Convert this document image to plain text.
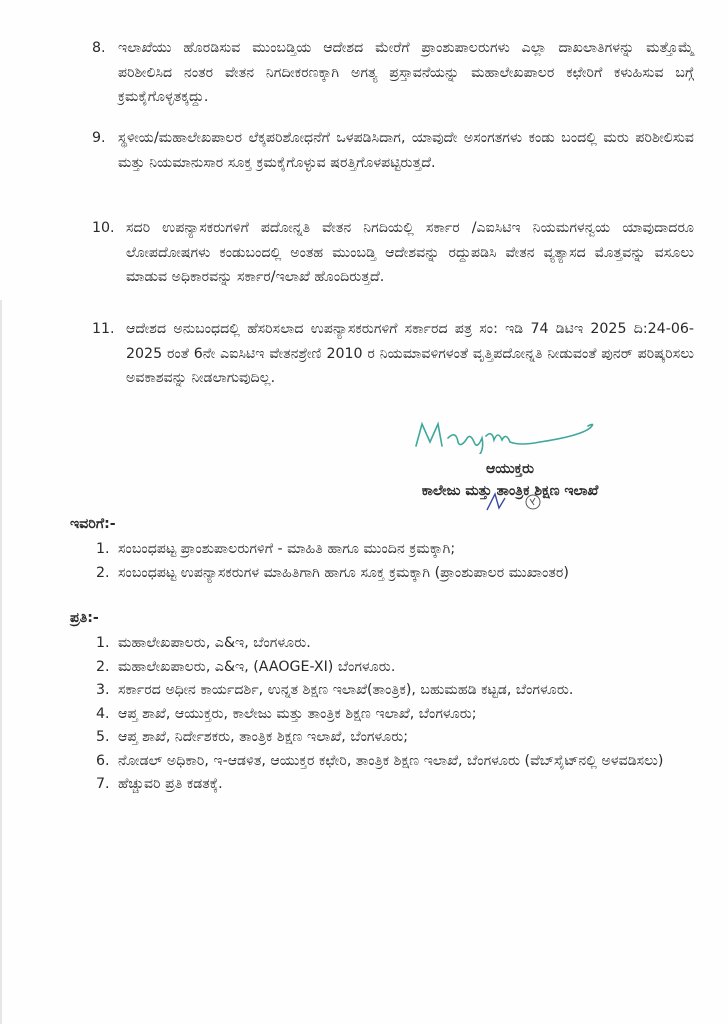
8. ಇಲಾಖೆಯು ಹೊರಡಿಸುವ ಮುಂಬಡ್ತಿಯ ಆದೇಶದ ಮೇರೆಗೆ ಪ್ರಾಂಶುಪಾಲರುಗಳು ಎಲ್ಲಾ ದಾಖಲಾತಿಗಳನ್ನು ಮತ್ತೊಮ್ಮೆ ಪರಿಶೀಲಿಸಿದ ನಂತರ ವೇತನ ನಿಗದೀಕರಣಕ್ಕಾಗಿ ಅಗತ್ಯ ಪ್ರಸ್ತಾವನೆಯನ್ನು ಮಹಾಲೇಖಪಾಲರ ಕಛೇರಿಗೆ ಕಳುಹಿಸುವ ಬಗ್ಗೆ ಕ್ರಮಕೈಗೊಳ್ಳತಕ್ಕದ್ದು.
9. ಸ್ಥಳೀಯ/ಮಹಾಲೇಖಪಾಲರ ಲೆಕ್ಕಪರಿಶೋಧನೆಗೆ ಒಳಪಡಿಸಿದಾಗ, ಯಾವುದೇ ಅಸಂಗತಗಳು ಕಂಡು ಬಂದಲ್ಲಿ ಮರು ಪರಿಶೀಲಿಸುವ ಮತ್ತು ನಿಯಮಾನುಸಾರ ಸೂಕ್ತ ಕ್ರಮಕೈಗೊಳ್ಳುವ ಷರತ್ತಿಗೊಳಪಟ್ಟಿರುತ್ತದೆ.
10. ಸದರಿ ಉಪನ್ಯಾಸಕರುಗಳಿಗೆ ಪದೋನ್ನತಿ ವೇತನ ನಿಗದಿಯಲ್ಲಿ ಸರ್ಕಾರ /ಎಐಸಿಟಿಇ ನಿಯಮಗಳನ್ವಯ ಯಾವುದಾದರೂ ಲೋಪದೋಷಗಳು ಕಂಡುಬಂದಲ್ಲಿ ಅಂತಹ ಮುಂಬಡ್ತಿ ಆದೇಶವನ್ನು ರದ್ದುಪಡಿಸಿ ವೇತನ ವ್ಯತ್ಯಾಸದ ಮೊತ್ತವನ್ನು ವಸೂಲು ಮಾಡುವ ಅಧಿಕಾರವನ್ನು ಸರ್ಕಾರ/ಇಲಾಖೆ ಹೊಂದಿರುತ್ತದೆ.
11. ಆದೇಶದ ಅನುಬಂಧದಲ್ಲಿ ಹೆಸರಿಸಲಾದ ಉಪನ್ಯಾಸಕರುಗಳಿಗೆ ಸರ್ಕಾರದ ಪತ್ರ ಸಂ: ಇಡಿ 74 ಡಿಟಿಇ 2025 ದಿ:24-06-2025 ರಂತೆ 6ನೇ ಎಐಸಿಟಿಇ ವೇತನಶ್ರೇಣಿ 2010 ರ ನಿಯಮಾವಳಿಗಳಂತೆ ವೃತ್ತಿಪದೋನ್ನತಿ ನೀಡುವಂತೆ ಪುನರ್ ಪರಿಷ್ಕರಿಸಲು ಅವಕಾಶವನ್ನು ನೀಡಲಾಗುವುದಿಲ್ಲ.
ಆಯುಕ್ತರು
ಕಾಲೇಜು ಮತ್ತು ತಾಂತ್ರಿಕ ಶಿಕ್ಷಣ ಇಲಾಖೆ
ಇವರಿಗೆ:-
1. ಸಂಬಂಧಪಟ್ಟ ಪ್ರಾಂಶುಪಾಲರುಗಳಿಗೆ - ಮಾಹಿತಿ ಹಾಗೂ ಮುಂದಿನ ಕ್ರಮಕ್ಕಾಗಿ;
2. ಸಂಬಂಧಪಟ್ಟ ಉಪನ್ಯಾಸಕರುಗಳ ಮಾಹಿತಿಗಾಗಿ ಹಾಗೂ ಸೂಕ್ತ ಕ್ರಮಕ್ಕಾಗಿ (ಪ್ರಾಂಶುಪಾಲರ ಮುಖಾಂತರ)
ಪ್ರತಿ:-
1. ಮಹಾಲೇಖಪಾಲರು, ಎ&ಇ, ಬೆಂಗಳೂರು.
2. ಮಹಾಲೇಖಪಾಲರು, ಎ&ಇ, (AAOGE-XI) ಬೆಂಗಳೂರು.
3. ಸರ್ಕಾರದ ಅಧೀನ ಕಾರ್ಯದರ್ಶಿ, ಉನ್ನತ ಶಿಕ್ಷಣ ಇಲಾಖೆ(ತಾಂತ್ರಿಕ), ಬಹುಮಹಡಿ ಕಟ್ಟಡ, ಬೆಂಗಳೂರು.
4. ಆಪ್ತ ಶಾಖೆ, ಆಯುಕ್ತರು, ಕಾಲೇಜು ಮತ್ತು ತಾಂತ್ರಿಕ ಶಿಕ್ಷಣ ಇಲಾಖೆ, ಬೆಂಗಳೂರು;
5. ಆಪ್ತ ಶಾಖೆ, ನಿರ್ದೇಶಕರು, ತಾಂತ್ರಿಕ ಶಿಕ್ಷಣ ಇಲಾಖೆ, ಬೆಂಗಳೂರು;
6. ನೋಡಲ್ ಅಧಿಕಾರಿ, ಇ-ಆಡಳಿತ, ಆಯುಕ್ತರ ಕಛೇರಿ, ತಾಂತ್ರಿಕ ಶಿಕ್ಷಣ ಇಲಾಖೆ, ಬೆಂಗಳೂರು (ವೆಬ್‌ಸೈಟ್‌ನಲ್ಲಿ ಅಳವಡಿಸಲು)
7. ಹೆಚ್ಚುವರಿ ಪ್ರತಿ ಕಡತಕ್ಕೆ.
